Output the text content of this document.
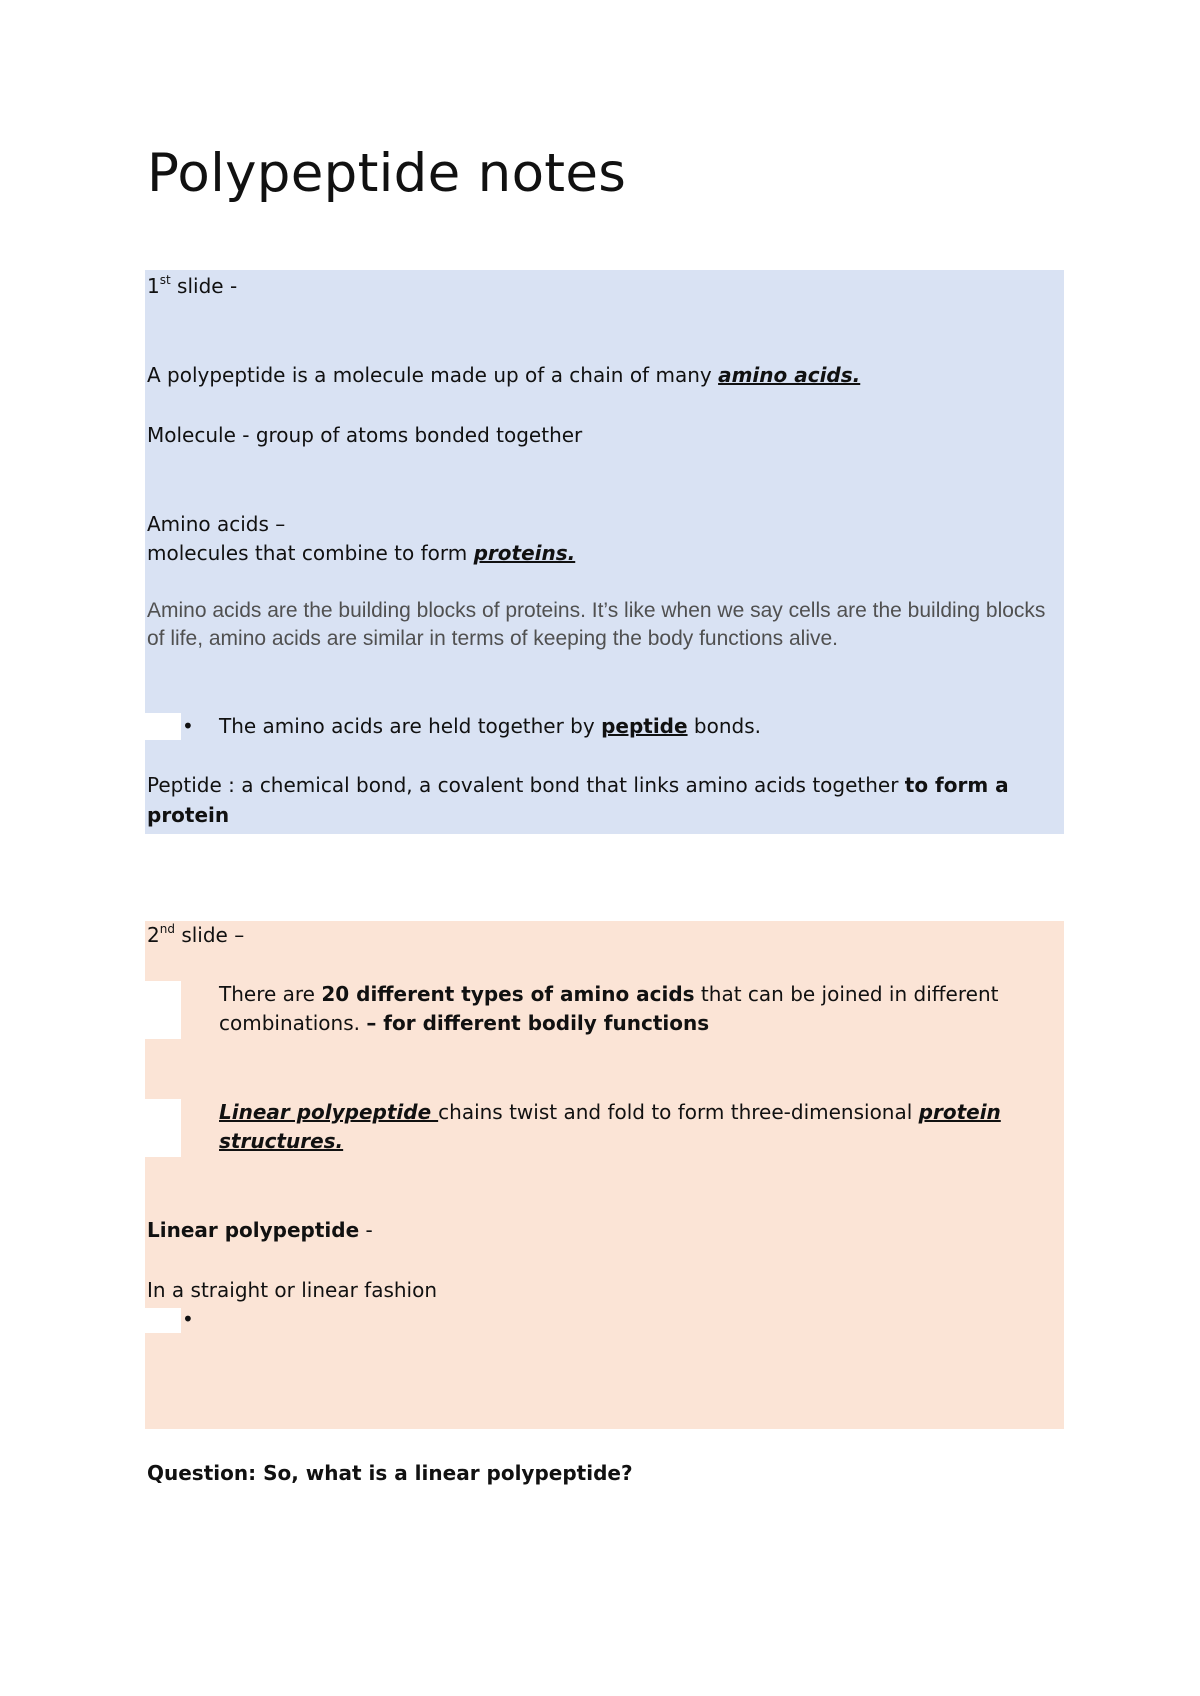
Polypeptide notes
1st slide -
A polypeptide is a molecule made up of a chain of many amino acids.
Molecule - group of atoms bonded together
Amino acids –
molecules that combine to form proteins.
Amino acids are the building blocks of proteins. It’s like when we say cells are the building blocks of life, amino acids are similar in terms of keeping the body functions alive.
• The amino acids are held together by peptide bonds.
Peptide : a chemical bond, a covalent bond that links amino acids together to form a
protein
2nd slide –
There are 20 different types of amino acids that can be joined in different
combinations. – for different bodily functions
Linear polypeptide chains twist and fold to form three-dimensional protein
structures.
Linear polypeptide -
In a straight or linear fashion
•
Question: So, what is a linear polypeptide?
